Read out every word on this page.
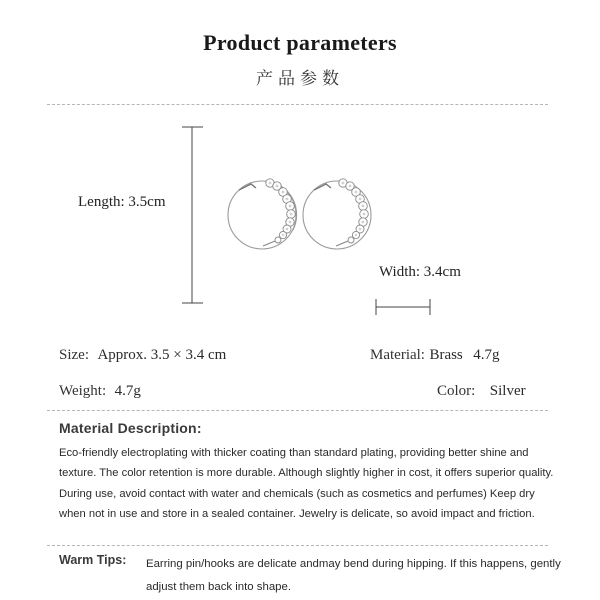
Product parameters
产品参数
Length: 3.5cm
Width: 3.4cm
Size: Approx. 3.5 × 3.4 cm	Material: Brass 4.7g
Weight: 4.7g	Color: Silver
Material Description:
Eco-friendly electroplating with thicker coating than standard plating, providing better shine and texture. The color retention is more durable. Although slightly higher in cost, it offers superior quality. During use, avoid contact with water and chemicals (such as cosmetics and perfumes) Keep dry when not in use and store in a sealed container. Jewelry is delicate, so avoid impact and friction.
Warm Tips: Earring pin/hooks are delicate andmay bend during hipping. If this happens, gently adjust them back into shape.
